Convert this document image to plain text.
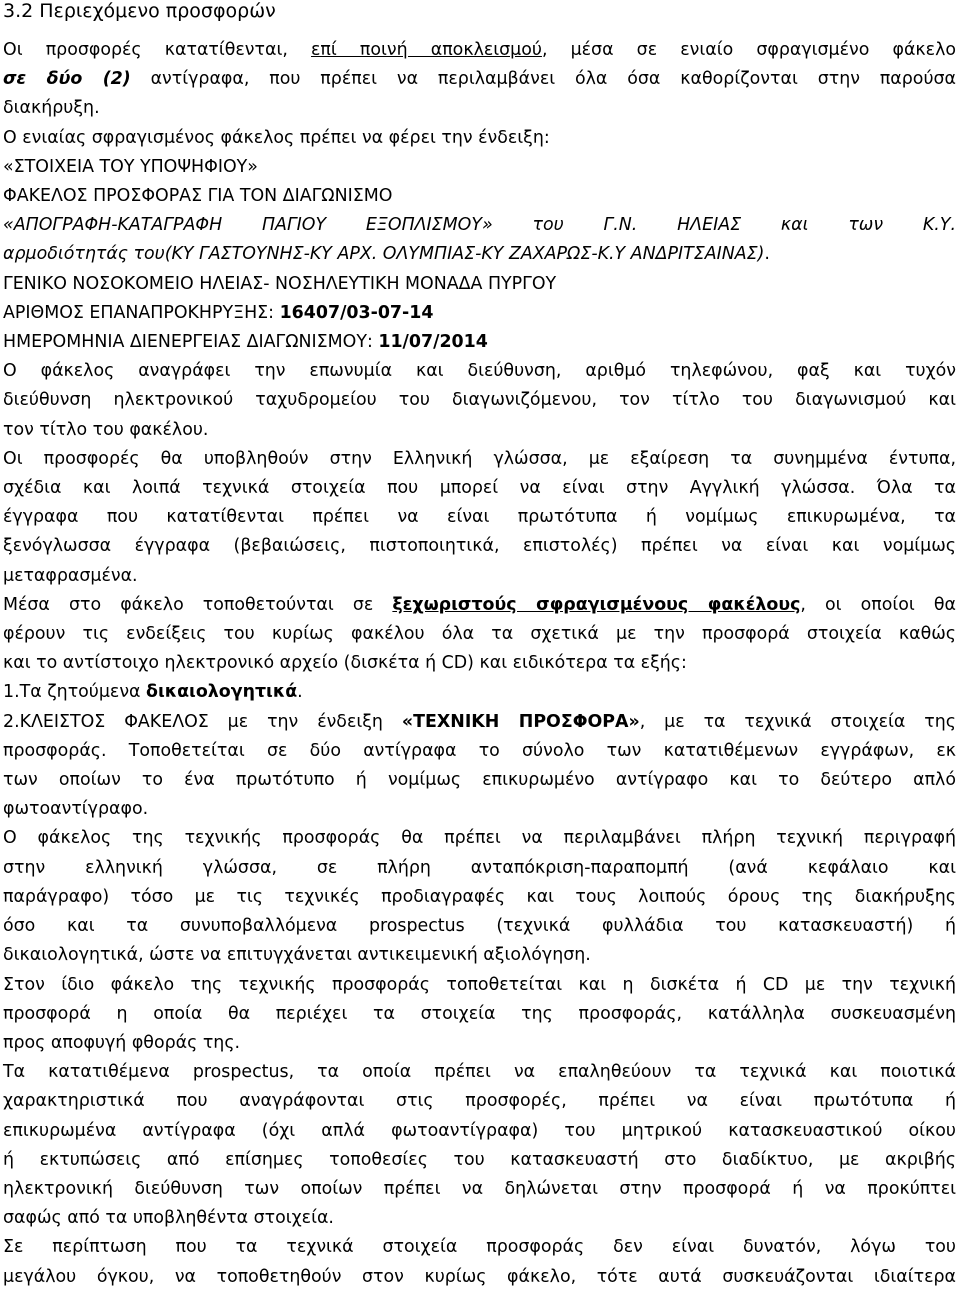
3.2 Περιεχόμενο προσφορών
Οι προσφορές κατατίθενται, επί ποινή αποκλεισμού, μέσα σε ενιαίο σφραγισμένο φάκελο
σε δύο (2) αντίγραφα, που πρέπει να περιλαμβάνει όλα όσα καθορίζονται στην παρούσα
διακήρυξη.
Ο ενιαίας σφραγισμένος φάκελος πρέπει να φέρει την ένδειξη:
«ΣΤΟΙΧΕΙΑ ΤΟΥ ΥΠΟΨΗΦΙΟΥ»
ΦΑΚΕΛΟΣ ΠΡΟΣΦΟΡΑΣ ΓΙΑ ΤΟΝ ΔΙΑΓΩΝΙΣΜΟ
«ΑΠΟΓΡΑΦΗ-ΚΑΤΑΓΡΑΦΗ ΠΑΓΙΟΥ ΕΞΟΠΛΙΣΜΟΥ» του Γ.Ν. ΗΛΕΙΑΣ και των Κ.Υ.
αρμοδιότητάς του(ΚΥ ΓΑΣΤΟΥΝΗΣ-ΚΥ ΑΡΧ. ΟΛΥΜΠΙΑΣ-ΚΥ ΖΑΧΑΡΩΣ-Κ.Υ ΑΝΔΡΙΤΣΑΙΝΑΣ).
ΓΕΝΙΚΟ ΝΟΣΟΚΟΜΕΙΟ ΗΛΕΙΑΣ- ΝΟΣΗΛΕΥΤΙΚΗ ΜΟΝΑΔΑ ΠΥΡΓΟΥ
ΑΡΙΘΜΟΣ ΕΠΑΝΑΠΡΟΚΗΡΥΞΗΣ: 16407/03-07-14
ΗΜΕΡΟΜΗΝΙΑ ΔΙΕΝΕΡΓΕΙΑΣ ΔΙΑΓΩΝΙΣΜΟΥ: 11/07/2014
Ο φάκελος αναγράφει την επωνυμία και διεύθυνση, αριθμό τηλεφώνου, φαξ και τυχόν
διεύθυνση ηλεκτρονικού ταχυδρομείου του διαγωνιζόμενου, τον τίτλο του διαγωνισμού και
τον τίτλο του φακέλου.
Οι προσφορές θα υποβληθούν στην Ελληνική γλώσσα, με εξαίρεση τα συνημμένα έντυπα,
σχέδια και λοιπά τεχνικά στοιχεία που μπορεί να είναι στην Αγγλική γλώσσα. Όλα τα
έγγραφα που κατατίθενται πρέπει να είναι πρωτότυπα ή νομίμως επικυρωμένα, τα
ξενόγλωσσα έγγραφα (βεβαιώσεις, πιστοποιητικά, επιστολές) πρέπει να είναι και νομίμως
μεταφρασμένα.
Μέσα στο φάκελο τοποθετούνται σε ξεχωριστούς σφραγισμένους φακέλους, οι οποίοι θα
φέρουν τις ενδείξεις του κυρίως φακέλου όλα τα σχετικά με την προσφορά στοιχεία καθώς
και το αντίστοιχο ηλεκτρονικό αρχείο (δισκέτα ή CD) και ειδικότερα τα εξής:
1.Τα ζητούμενα δικαιολογητικά.
2.ΚΛΕΙΣΤΟΣ ΦΑΚΕΛΟΣ με την ένδειξη «ΤΕΧΝΙΚΗ ΠΡΟΣΦΟΡΑ», με τα τεχνικά στοιχεία της
προσφοράς. Τοποθετείται σε δύο αντίγραφα το σύνολο των κατατιθέμενων εγγράφων, εκ
των οποίων το ένα πρωτότυπο ή νομίμως επικυρωμένο αντίγραφο και το δεύτερο απλό
φωτοαντίγραφο.
Ο φάκελος της τεχνικής προσφοράς θα πρέπει να περιλαμβάνει πλήρη τεχνική περιγραφή
στην ελληνική γλώσσα, σε πλήρη ανταπόκριση-παραπομπή (ανά κεφάλαιο και
παράγραφο) τόσο με τις τεχνικές προδιαγραφές και τους λοιπούς όρους της διακήρυξης
όσο και τα συνυποβαλλόμενα prospectus (τεχνικά φυλλάδια του κατασκευαστή) ή
δικαιολογητικά, ώστε να επιτυγχάνεται αντικειμενική αξιολόγηση.
Στον ίδιο φάκελο της τεχνικής προσφοράς τοποθετείται και η δισκέτα ή CD με την τεχνική
προσφορά η οποία θα περιέχει τα στοιχεία της προσφοράς, κατάλληλα συσκευασμένη
προς αποφυγή φθοράς της.
Τα κατατιθέμενα prospectus, τα οποία πρέπει να επαληθεύουν τα τεχνικά και ποιοτικά
χαρακτηριστικά που αναγράφονται στις προσφορές, πρέπει να είναι πρωτότυπα ή
επικυρωμένα αντίγραφα (όχι απλά φωτοαντίγραφα) του μητρικού κατασκευαστικού οίκου
ή εκτυπώσεις από επίσημες τοποθεσίες του κατασκευαστή στο διαδίκτυο, με ακριβής
ηλεκτρονική διεύθυνση των οποίων πρέπει να δηλώνεται στην προσφορά ή να προκύπτει
σαφώς από τα υποβληθέντα στοιχεία.
Σε περίπτωση που τα τεχνικά στοιχεία προσφοράς δεν είναι δυνατόν, λόγω του
μεγάλου όγκου, να τοποθετηθούν στον κυρίως φάκελο, τότε αυτά συσκευάζονται ιδιαίτερα
